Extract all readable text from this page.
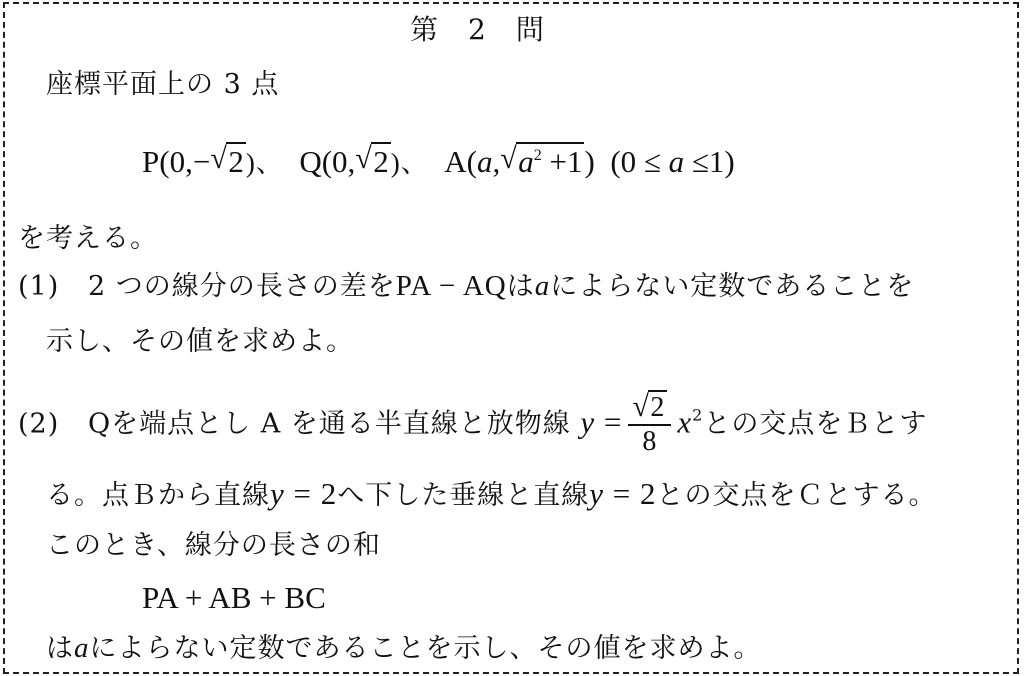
第　2　問
座標平面上の 3 点
P(0,− √ 2)、 Q(0, √ 2)、 A(a, √ $a^2 +1$) (0 ≤ a ≤1)
を考える。
(1) 2 つの線分の長さの差をPA − AQはaによらない定数であることを
示し、その値を求めよ。
(2) Qを端点とし A を通る半直線と放物線 y = √ $\frac{2}{8} x^2$との交点をＢとす
る。点Ｂから直線y = 2へ下した垂線と直線y = 2との交点をＣとする。
このとき、線分の長さの和
PA + AB + BC
はaによらない定数であることを示し、その値を求めよ。
